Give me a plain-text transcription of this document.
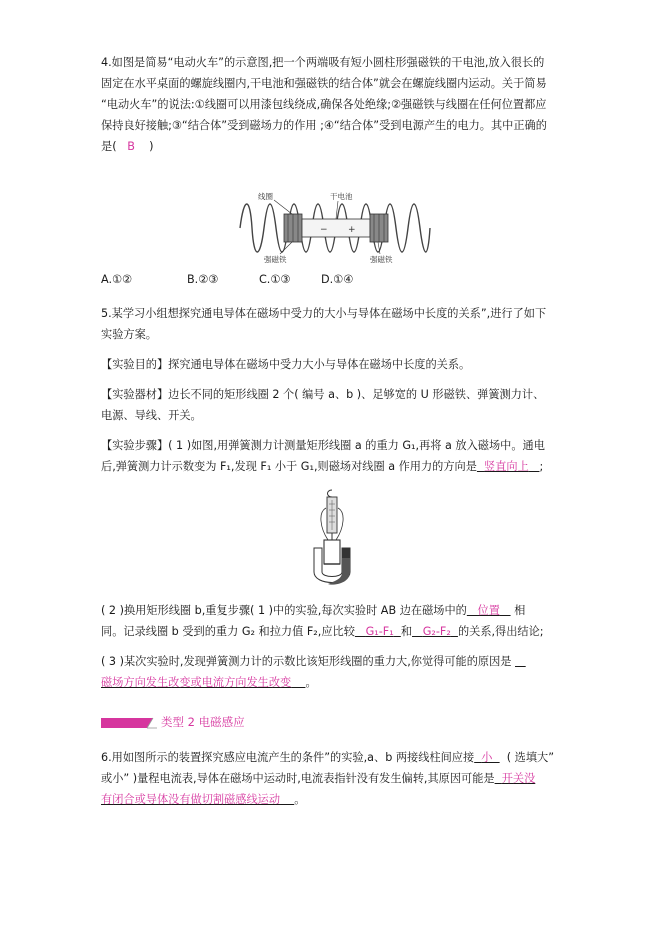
4.如图是简易“电动火车”的示意图,把一个两端吸有短小圆柱形强磁铁的干电池,放入很长的

固定在水平桌面的螺旋线圈内,干电池和强磁铁的结合体”就会在螺旋线圈内运动。关于简易

“电动火车”的说法:①线圈可以用漆包线绕成,确保各处绝缘;②强磁铁与线圈在任何位置都应

保持良好接触;③“结合体”受到磁场力的作用 ;④“结合体”受到电源产生的电力。其中正确的

是( B )

+
−
线圈	干电池
强磁铁	强磁铁
A.①②	B.②③	C.①③	D.①④

5.某学习小组想探究通电导体在磁场中受力的大小与导体在磁场中长度的关系”,进行了如下

实验方案。

【实验目的】探究通电导体在磁场中受力大小与导体在磁场中长度的关系。

【实验器材】边长不同的矩形线圈 2 个( 编号 a、b )、足够宽的 U 形磁铁、弹簧测力计、

电源、导线、开关。

【实验步骤】( 1 )如图,用弹簧测力计测量矩形线圈 a 的重力 G₁,再将 a 放入磁场中。通电

后,弹簧测力计示数变为 F₁,发现 F₁ 小于 G₁,则磁场对线圈 a 作用力的方向是 竖直向上 ;

( 2 )换用矩形线圈 b,重复步骤( 1 )中的实验,每次实验时 AB 边在磁场中的 位置 相

同。记录线圈 b 受到的重力 G₂ 和拉力值 F₂,应比较 G₁-F₁ 和 G₂-F₂ 的关系,得出结论;

( 3 )某次实验时,发现弹簧测力计的示数比该矩形线圈的重力大,你觉得可能的原因是

磁场方向发生改变或电流方向发生改变 。

类型 2 电磁感应

6.用如图所示的装置探究感应电流产生的条件”的实验,a、b 两接线柱间应接 小 ( 选填大”

或小” )量程电流表,导体在磁场中运动时,电流表指针没有发生偏转,其原因可能是 开关没

有闭合或导体没有做切割磁感线运动 。
